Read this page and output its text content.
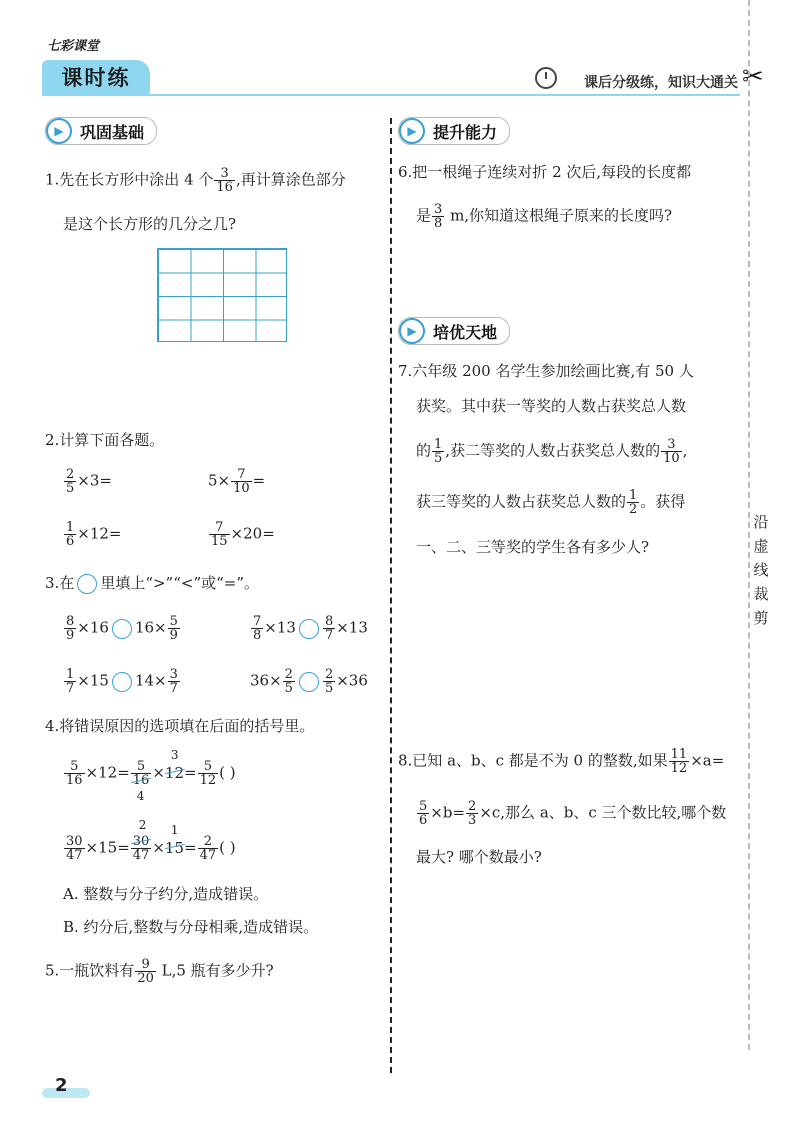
七彩课堂
课时练	课后分级练，知识大通关 ✂
沿
虚
线
裁
剪
▶	巩固基础	▶	提升能力
▶	培优天地
1.先在长方形中涂出 4 个 $\frac{3}{16}$ ,再计算涂色部分
是这个长方形的几分之几?
2.计算下面各题。
$\frac{2}{5} \times 3=$	$5\times \frac{7}{10}$ =
$\frac{1}{6} \times 12=$	$\frac{7}{15} \times 20=$
3.在 里填上“>”“<”或“=”。
$\frac{8}{9} \times 16$ $16\times \frac{5}{9}$	$\frac{7}{8} \times 13 \frac{8}{7} \times 13$
$\frac{1}{7} \times 15$ $14\times \frac{3}{7}$	$36\times \frac{2}{5} \frac{2}{5} \times 36$
4.将错误原因的选项填在后面的括号里。
$\frac{5}{16} \times 12= 5$
16
4
×
3
12
= $\frac{5}{12}$ ( )
$\frac{30}{47} \times 15=$
2
30
47 ×
1
15
= $\frac{2}{47}$ ( )
A. 整数与分子约分,造成错误。
B. 约分后,整数与分母相乘,造成错误。
5.一瓶饮料有 $\frac{9}{20} L,5$ 瓶有多少升?
6.把一根绳子连续对折 2 次后,每段的长度都
是 $\frac{3}{8} m$,你知道这根绳子原来的长度吗?
7.六年级 200 名学生参加绘画比赛,有 50 人
获奖。其中获一等奖的人数占获奖总人数
的 $\frac{1}{5}$ ,获二等奖的人数占获奖总人数的 $\frac{3}{10}$ ,
获三等奖的人数占获奖总人数的 $\frac{1}{2}$ 。获得
一、二、三等奖的学生各有多少人?
8.已知 a、b、c 都是不为 0 的整数,如果 $\frac{11}{12} \times a=$
$\frac{5}{6} \times b= \frac{2}{3} \times c$,那么 a、b、c 三个数比较,哪个数
最大? 哪个数最小?
2
